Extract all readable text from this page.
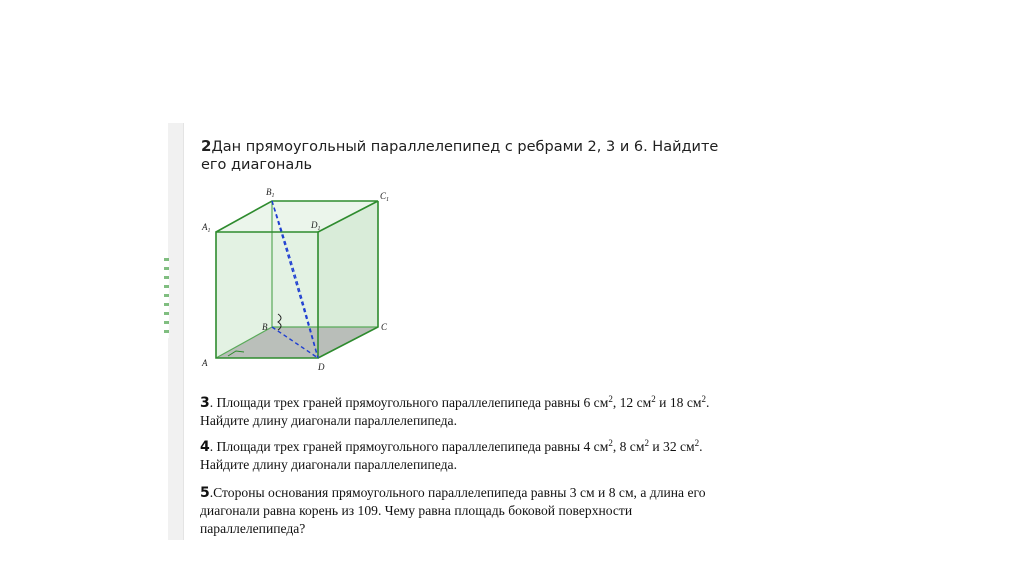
2Дан прямоугольный параллелепипед с ребрами 2, 3 и 6. Найдите его диагональ
$B_1$	$C_1$
$A_1$
$D_1$
B	C
A	D
3. Площади трех граней прямоугольного параллелепипеда равны 6 $см^2$, 12 $см^2$ и 18 $см^2$. Найдите длину диагонали параллелепипеда.
4. Площади трех граней прямоугольного параллелепипеда равны 4 $см^2$, 8 $см^2$ и 32 $см^2$. Найдите длину диагонали параллелепипеда.
5.Стороны основания прямоугольного параллелепипеда равны 3 см и 8 см, а длина его диагонали равна корень из 109. Чему равна площадь боковой поверхности параллелепипеда?
